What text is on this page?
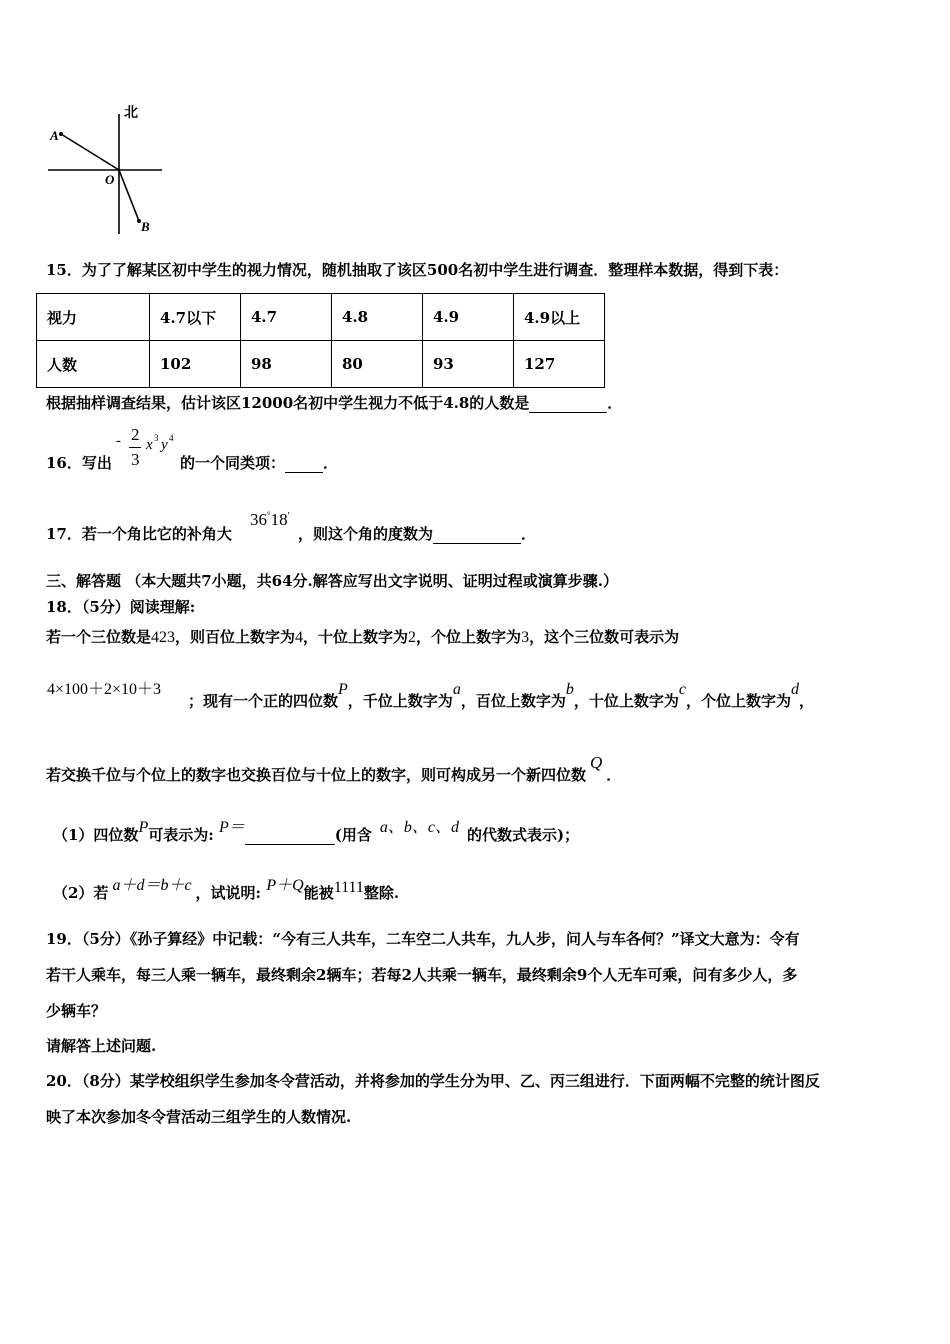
北
A
O
B
15．为了了解某区初中学生的视力情况，随机抽取了该区500名初中学生进行调查．整理样本数据，得到下表：
视力	4.7以下	4.7	4.8	4.9	4.9以上
人数	102	98	80	93	127
根据抽样调查结果，估计该区12000名初中学生视力不低于4.8的人数是	．
16．写出
- 2
3
x 3 y 4
的一个同类项：	．
17．若一个角比它的补角大
36°18′
，则这个角的度数为	．
三、解答题 （本大题共7小题，共64分.解答应写出文字说明、证明过程或演算步骤.）
18．（5分）阅读理解:
若一个三位数是423，则百位上数字为4，十位上数字为2，个位上数字为3，这个三位数可表示为
4×100＋2×10＋3
；现有一个正的四位数P，千位上数字为a，百位上数字为b，十位上数字为c，个位上数字为d，
若交换千位与个位上的数字也交换百位与十位上的数字，则可构成另一个新四位数Q．
（1）四位数P可表示为: P＝	(用含 a、b、c、d 的代数式表示)；
（2）若 a＋d＝b＋c ，试说明: P＋Q能被1111整除.
19．（5分）《孙子算经》中记载：“今有三人共车，二车空二人共车，九人步，问人与车各何？”译文大意为：令有
若干人乘车，每三人乘一辆车，最终剩余2辆车；若每2人共乘一辆车，最终剩余9个人无车可乘，问有多少人，多
少辆车？
请解答上述问题.
20．（8分）某学校组织学生参加冬令营活动，并将参加的学生分为甲、乙、丙三组进行．下面两幅不完整的统计图反
映了本次参加冬令营活动三组学生的人数情况.
